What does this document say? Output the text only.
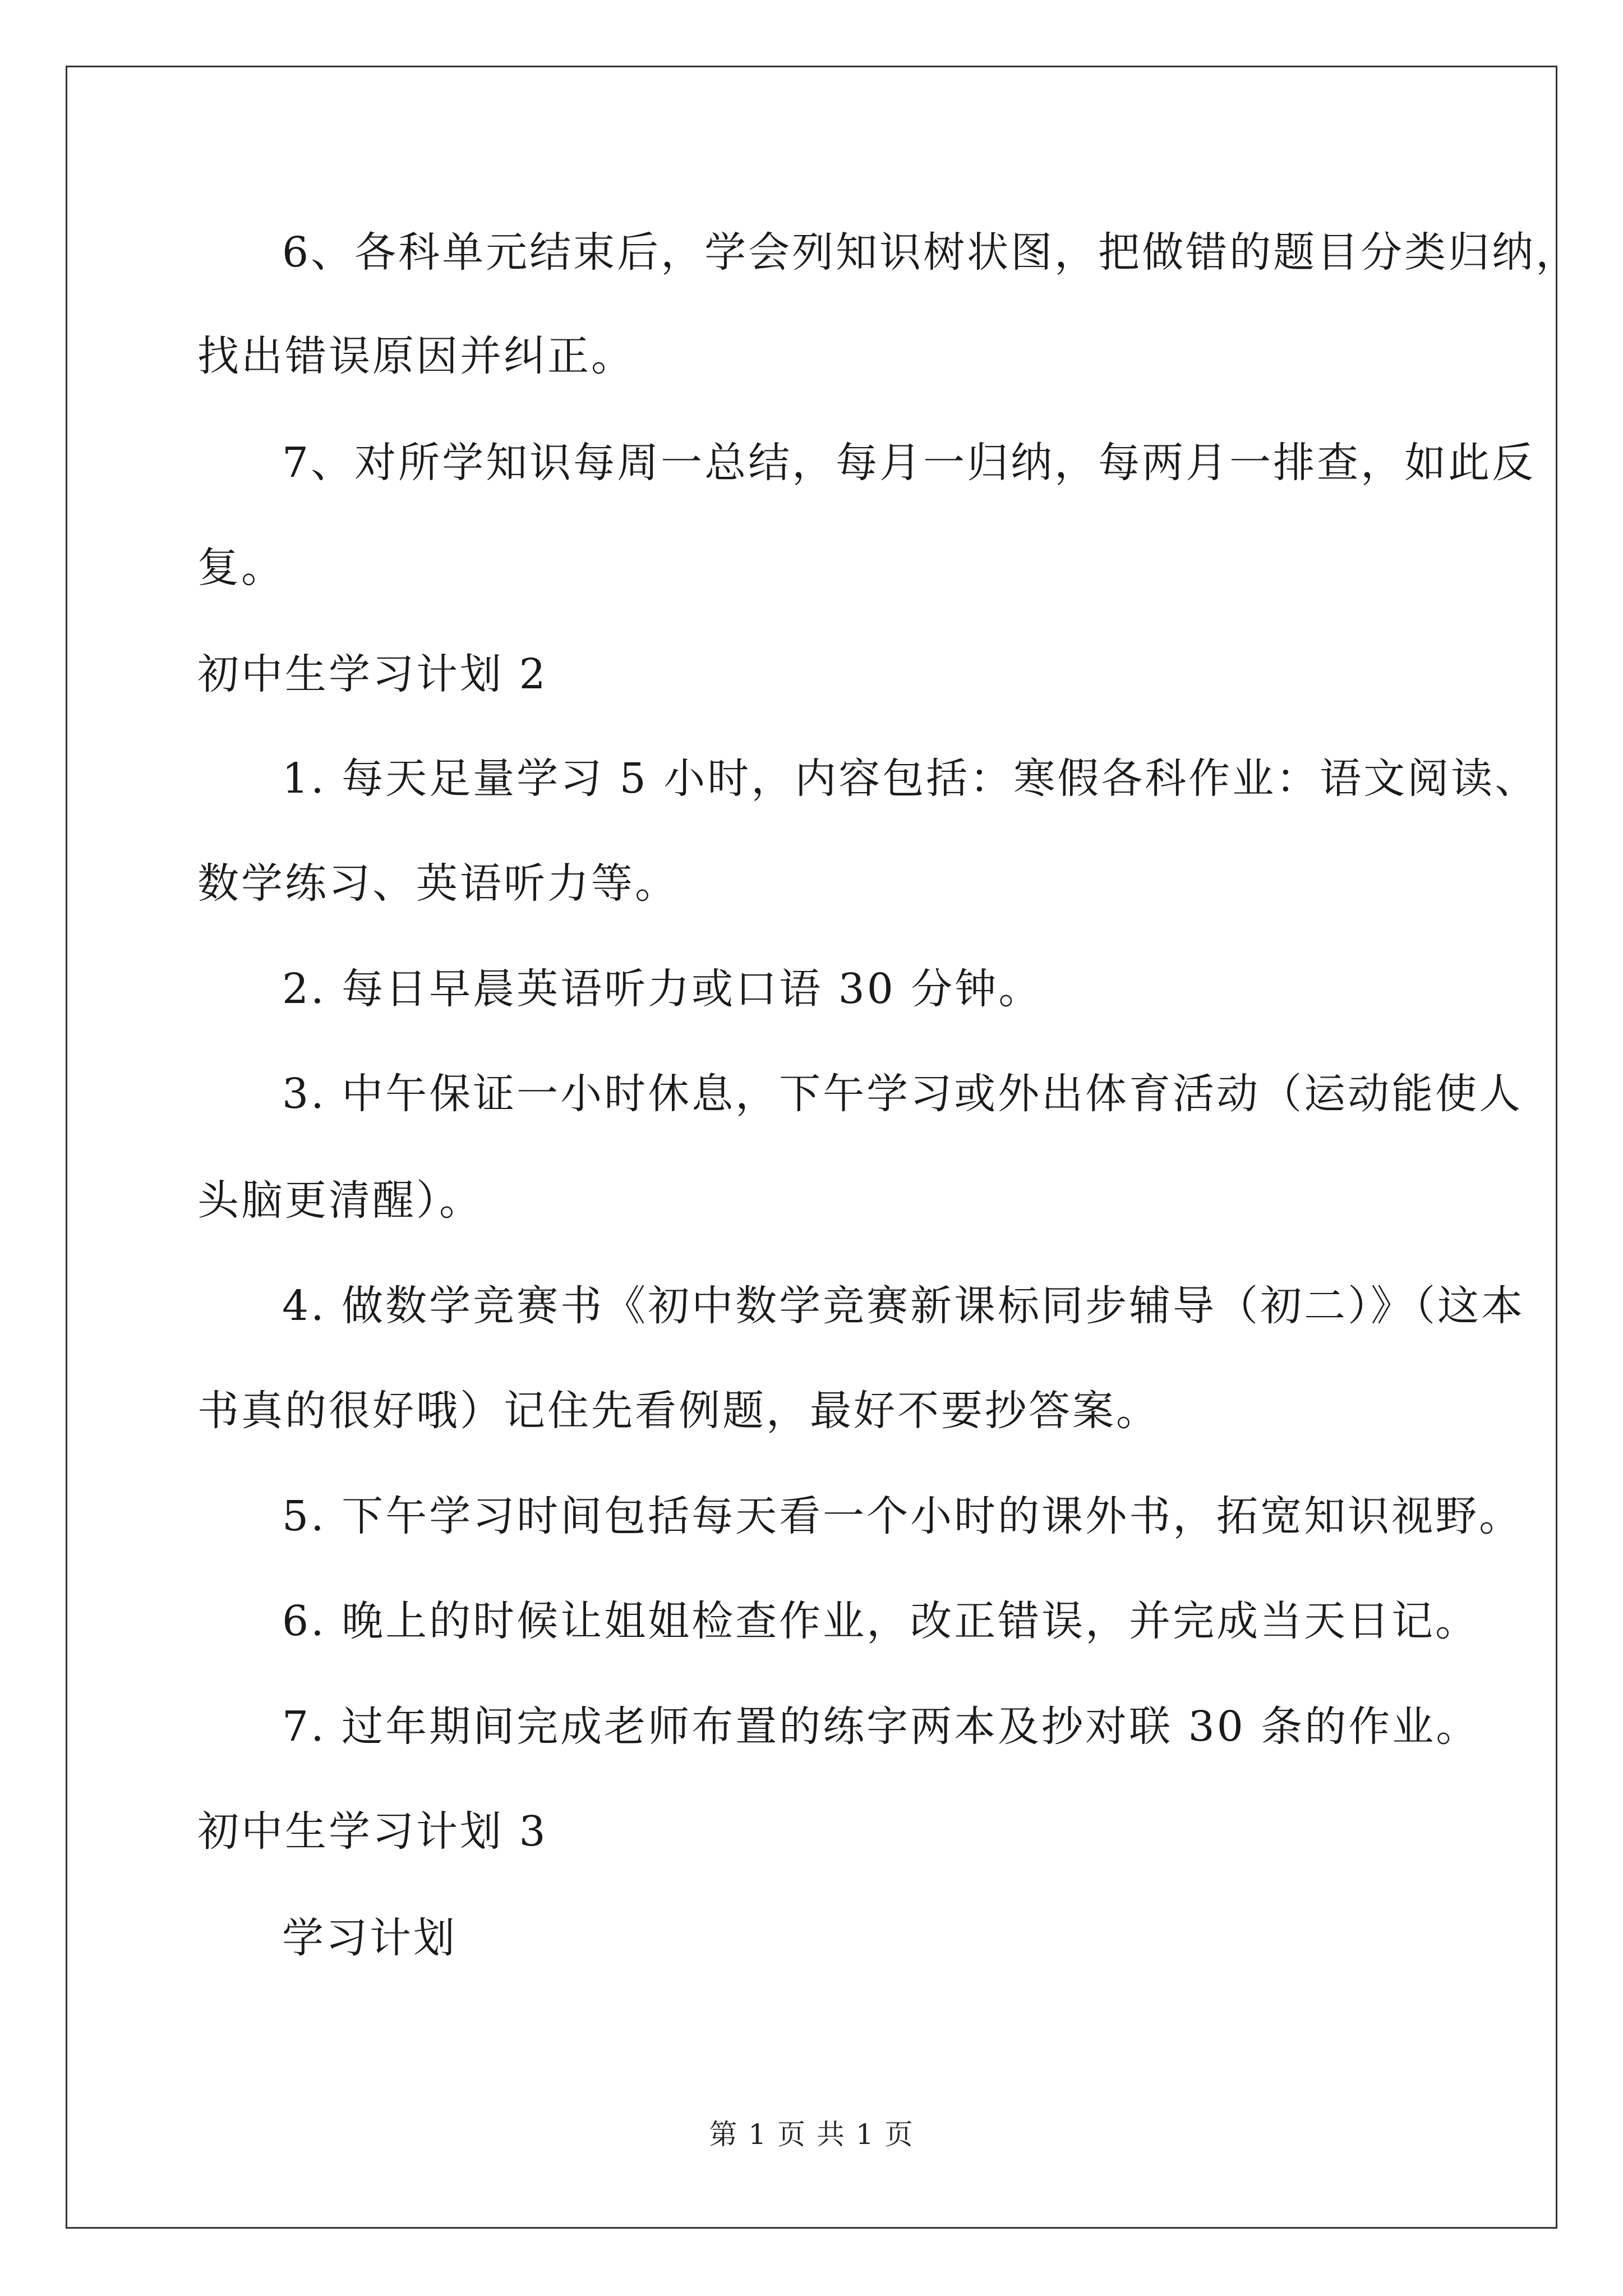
6、各科单元结束后，学会列知识树状图，把做错的题目分类归纳，
找出错误原因并纠正。
7、对所学知识每周一总结，每月一归纳，每两月一排查，如此反
复。
初中生学习计划 2
1. 每天足量学习 5 小时，内容包括：寒假各科作业：语文阅读、
数学练习、英语听力等。
2. 每日早晨英语听力或口语 30 分钟。
3. 中午保证一小时休息，下午学习或外出体育活动（运动能使人
头脑更清醒）。
4. 做数学竞赛书《初中数学竞赛新课标同步辅导（初二）》（这本
书真的很好哦）记住先看例题，最好不要抄答案。
5. 下午学习时间包括每天看一个小时的课外书，拓宽知识视野。
6. 晚上的时候让姐姐检查作业，改正错误，并完成当天日记。
7. 过年期间完成老师布置的练字两本及抄对联 30 条的作业。
初中生学习计划 3
学习计划
第 1 页 共 1 页
